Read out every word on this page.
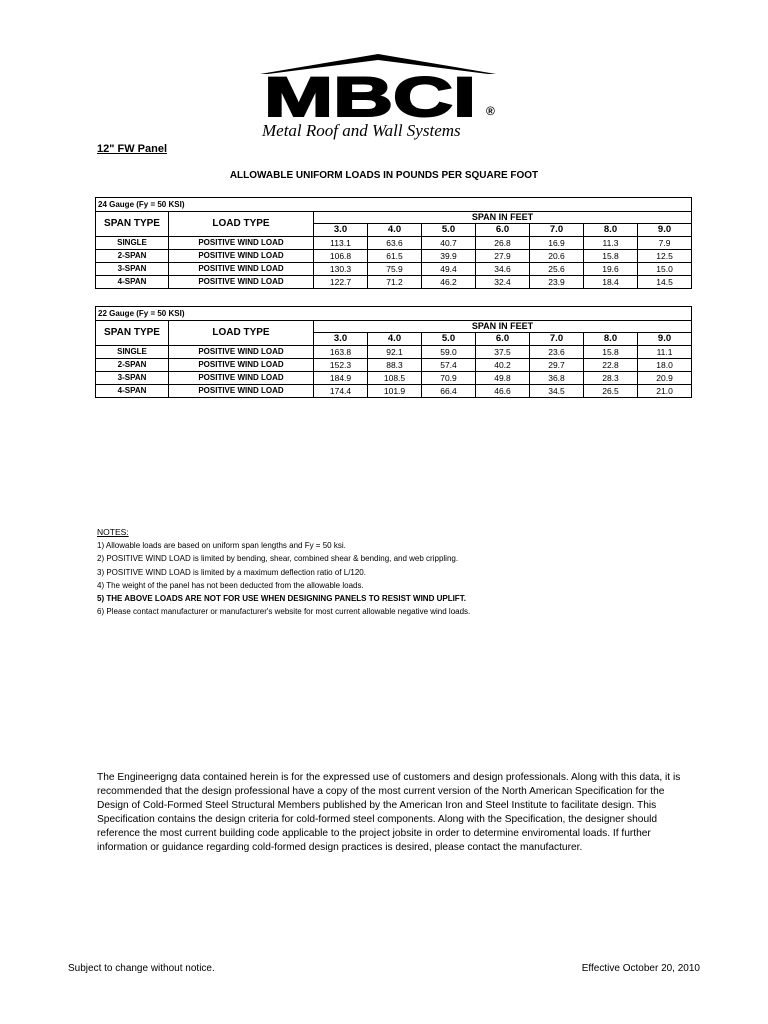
MBCI ®
Metal Roof and Wall Systems
12" FW Panel
ALLOWABLE UNIFORM LOADS IN POUNDS PER SQUARE FOOT
24 Gauge (Fy = 50 KSI)								
SPAN TYPE	LOAD TYPE	SPAN IN FEET						
		3.0	4.0	5.0	6.0	7.0	8.0	9.0
SINGLE	POSITIVE WIND LOAD	113.1	63.6	40.7	26.8	16.9	11.3	7.9
2-SPAN	POSITIVE WIND LOAD	106.8	61.5	39.9	27.9	20.6	15.8	12.5
3-SPAN	POSITIVE WIND LOAD	130.3	75.9	49.4	34.6	25.6	19.6	15.0
4-SPAN	POSITIVE WIND LOAD	122.7	71.2	46.2	32.4	23.9	18.4	14.5
22 Gauge (Fy = 50 KSI)								
SPAN TYPE	LOAD TYPE	SPAN IN FEET						
		3.0	4.0	5.0	6.0	7.0	8.0	9.0
SINGLE	POSITIVE WIND LOAD	163.8	92.1	59.0	37.5	23.6	15.8	11.1
2-SPAN	POSITIVE WIND LOAD	152.3	88.3	57.4	40.2	29.7	22.8	18.0
3-SPAN	POSITIVE WIND LOAD	184.9	108.5	70.9	49.8	36.8	28.3	20.9
4-SPAN	POSITIVE WIND LOAD	174.4	101.9	66.4	46.6	34.5	26.5	21.0
NOTES:
1) Allowable loads are based on uniform span lengths and Fy = 50 ksi.
2) POSITIVE WIND LOAD is limited by bending, shear, combined shear & bending, and web crippling.
3) POSITIVE WIND LOAD is limited by a maximum deflection ratio of L/120.
4) The weight of the panel has not been deducted from the allowable loads.
5) THE ABOVE LOADS ARE NOT FOR USE WHEN DESIGNING PANELS TO RESIST WIND UPLIFT.
6) Please contact manufacturer or manufacturer's website for most current allowable negative wind loads.
The Engineerigng data contained herein is for the expressed use of customers and design professionals. Along with this data, it is recommended that the design professional have a copy of the most current version of the North American Specification for the Design of Cold-Formed Steel Structural Members published by the American Iron and Steel Institute to facilitate design. This Specification contains the design criteria for cold-formed steel components. Along with the Specification, the designer should reference the most current building code applicable to the project jobsite in order to determine enviromental loads. If further information or guidance regarding cold-formed design practices is desired, please contact the manufacturer.
Subject to change without notice.	Effective October 20, 2010
